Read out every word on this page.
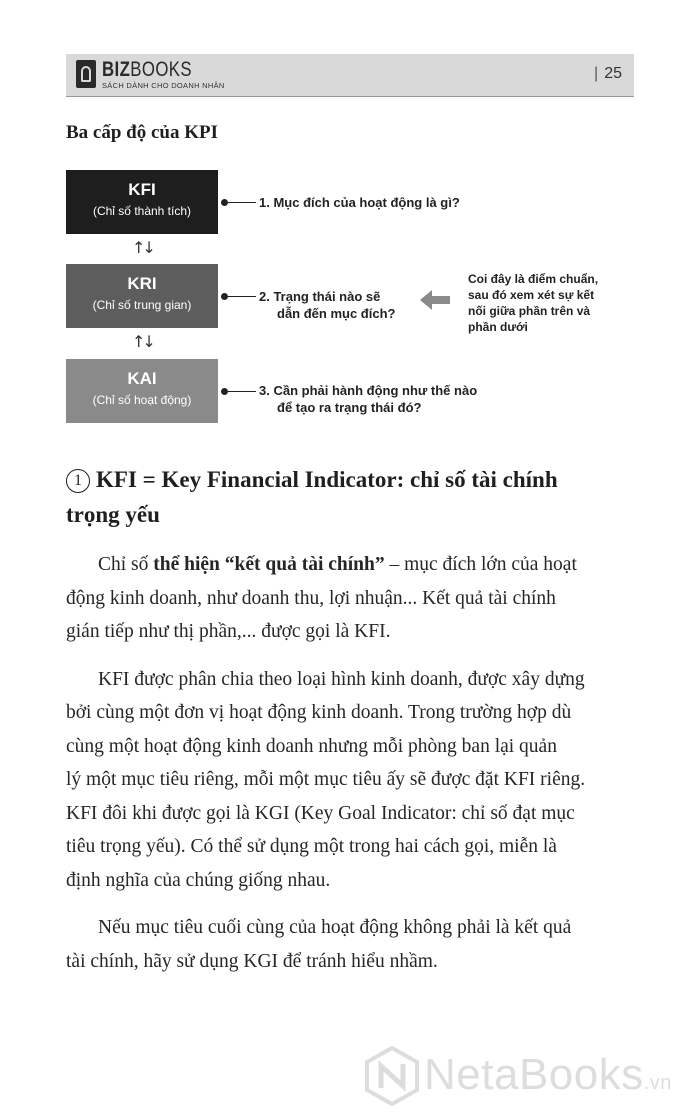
BIZBOOKS
SÁCH DÀNH CHO DOANH NHÂN
| 25
Ba cấp độ của KPI
KFI
(Chỉ số thành tích)
↑↓
KRI
(Chỉ số trung gian)
↑↓
KAI
(Chỉ số hoạt động)
1. Mục đích của hoạt động là gì?
2. Trạng thái nào sẽ
dẫn đến mục đích?
3. Cần phải hành động như thế nào
để tạo ra trạng thái đó?
Coi đây là điểm chuẩn,
sau đó xem xét sự kết
nối giữa phần trên và
phần dưới
1 KFI = Key Financial Indicator: chỉ số tài chính
trọng yếu
Chỉ số thể hiện “kết quả tài chính” – mục đích lớn của hoạt
động kinh doanh, như doanh thu, lợi nhuận... Kết quả tài chính
gián tiếp như thị phần,... được gọi là KFI.
KFI được phân chia theo loại hình kinh doanh, được xây dựng
bởi cùng một đơn vị hoạt động kinh doanh. Trong trường hợp dù
cùng một hoạt động kinh doanh nhưng mỗi phòng ban lại quản
lý một mục tiêu riêng, mỗi một mục tiêu ấy sẽ được đặt KFI riêng.
KFI đôi khi được gọi là KGI (Key Goal Indicator: chỉ số đạt mục
tiêu trọng yếu). Có thể sử dụng một trong hai cách gọi, miễn là
định nghĩa của chúng giống nhau.
Nếu mục tiêu cuối cùng của hoạt động không phải là kết quả
tài chính, hãy sử dụng KGI để tránh hiểu nhầm.
NetaBooks.vn
